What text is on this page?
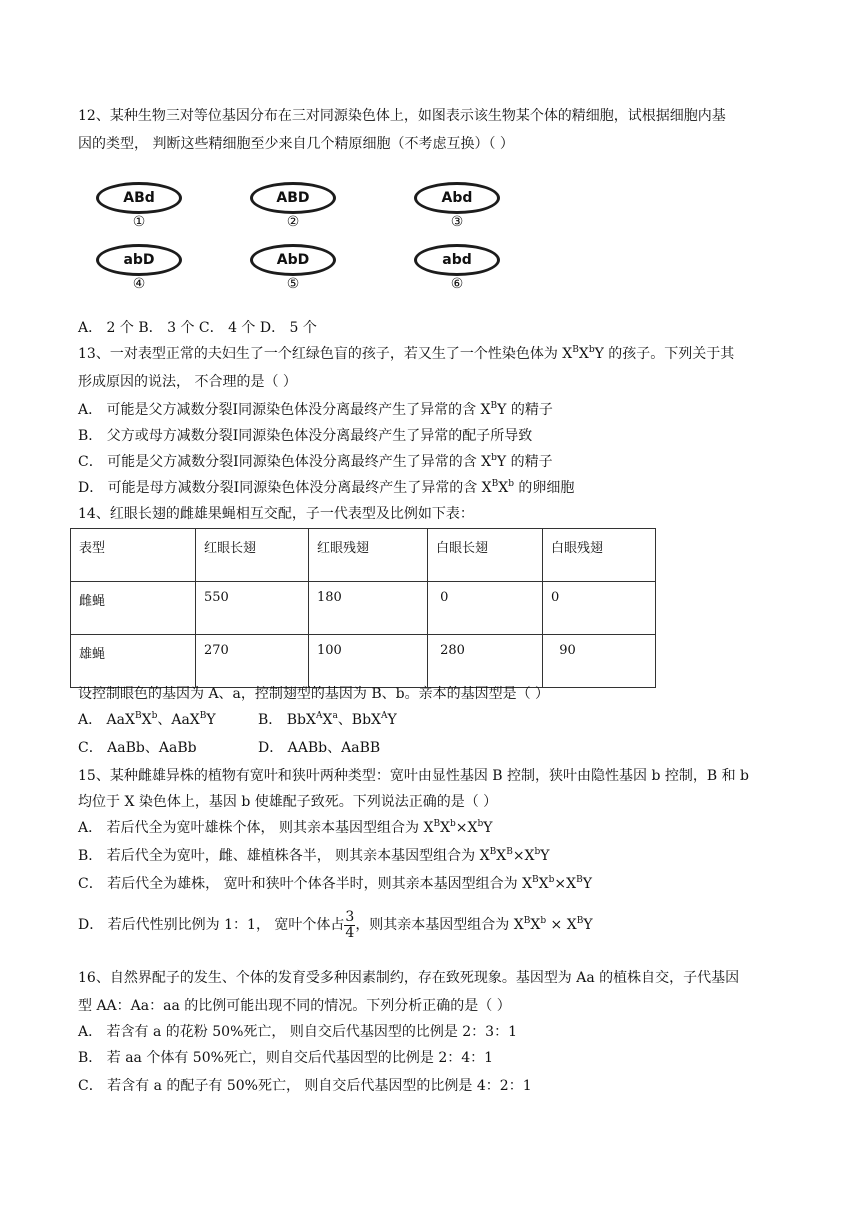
12、某种生物三对等位基因分布在三对同源染色体上，如图表示该生物某个体的精细胞，试根据细胞内基
因的类型， 判断这些精细胞至少来自几个精原细胞（不考虑互换）（ ）
ABd
①
ABD
②
Abd
③
abD
④
AbD
⑤
abd
⑥
A． 2 个 B． 3 个 C． 4 个 D． 5 个
13、一对表型正常的夫妇生了一个红绿色盲的孩子，若又生了一个性染色体为 $X^BX^bY$ 的孩子。下列关于其
形成原因的说法， 不合理的是（ ）
A． 可能是父方减数分裂Ⅰ同源染色体没分离最终产生了异常的含 $X^BY$ 的精子
B． 父方或母方减数分裂Ⅰ同源染色体没分离最终产生了异常的配子所导致
C． 可能是父方减数分裂Ⅰ同源染色体没分离最终产生了异常的含 $X^bY$ 的精子
D． 可能是母方减数分裂Ⅰ同源染色体没分离最终产生了异常的含 $X^BX^b$ 的卵细胞
14、红眼长翅的雌雄果蝇相互交配，子一代表型及比例如下表：
表型	红眼长翅	红眼残翅	白眼长翅	白眼残翅
雌蝇	550	180	0	0
雄蝇	270	100	280	90
设控制眼色的基因为 A、a，控制翅型的基因为 B、b。亲本的基因型是（ ）
A． $AaX^BX^b$、AaX$^B$Y	B． $BbX^AX^a$、BbX$^A$Y
C． AaBb、AaBb	D． AABb、AaBB
15、某种雌雄异株的植物有宽叶和狭叶两种类型：宽叶由显性基因 B 控制，狭叶由隐性基因 b 控制，B 和 b
均位于 X 染色体上，基因 b 使雄配子致死。下列说法正确的是（ ）
A． 若后代全为宽叶雄株个体， 则其亲本基因型组合为 $X^BX^b\times X^bY$
B． 若后代全为宽叶，雌、雄植株各半， 则其亲本基因型组合为 $X^BX^B\times X^bY$
C． 若后代全为雄株， 宽叶和狭叶个体各半时，则其亲本基因型组合为 $X^BX^b\times X^BY$
D． 若后代性别比例为 1：1， 宽叶个体占 $\frac{3}{4}$ ，则其亲本基因型组合为 $X^BX^b \times X^BY$
16、自然界配子的发生、个体的发育受多种因素制约，存在致死现象。基因型为 Aa 的植株自交，子代基因
型 AA：Aa：aa 的比例可能出现不同的情况。下列分析正确的是（ ）
A． 若含有 a 的花粉 50%死亡， 则自交后代基因型的比例是 2：3：1
B． 若 aa 个体有 50%死亡，则自交后代基因型的比例是 2：4：1
C． 若含有 a 的配子有 50%死亡， 则自交后代基因型的比例是 4：2：1
